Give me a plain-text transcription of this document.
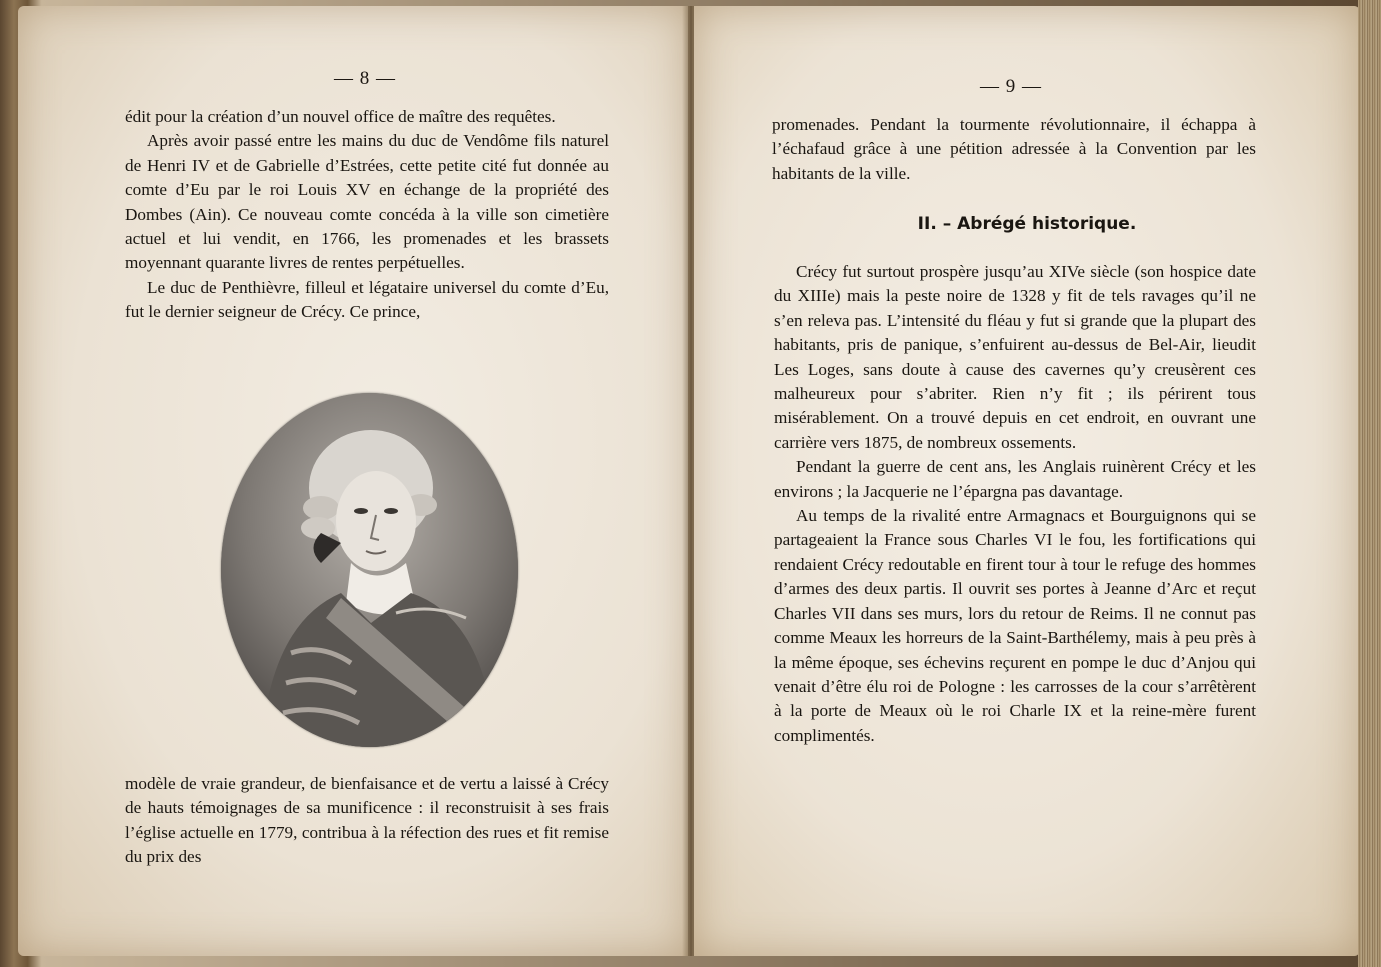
— 8 —

édit pour la création d’un nouvel office de maître des requêtes.

Après avoir passé entre les mains du duc de Vendôme fils naturel de Henri IV et de Gabrielle d’Estrées, cette petite cité fut donnée au comte d’Eu par le roi Louis XV en échange de la propriété des Dombes (Ain). Ce nouveau comte concéda à la ville son cimetière actuel et lui vendit, en 1766, les promenades et les brassets moyennant quarante livres de rentes perpétuelles.

Le duc de Penthièvre, filleul et légataire universel du comte d’Eu, fut le dernier seigneur de Crécy. Ce prince,

modèle de vraie grandeur, de bienfaisance et de vertu a laissé à Crécy de hauts témoignages de sa munificence : il reconstruisit à ses frais l’église actuelle en 1779, contribua à la réfection des rues et fit remise du prix des

— 9 —

promenades. Pendant la tourmente révolutionnaire, il échappa à l’échafaud grâce à une pétition adressée à la Convention par les habitants de la ville.

II. – Abrégé historique.

Crécy fut surtout prospère jusqu’au XIVe siècle (son hospice date du XIIIe) mais la peste noire de 1328 y fit de tels ravages qu’il ne s’en releva pas. L’intensité du fléau y fut si grande que la plupart des habitants, pris de panique, s’enfuirent au-dessus de Bel-Air, lieudit Les Loges, sans doute à cause des cavernes qu’y creusèrent ces malheureux pour s’abriter. Rien n’y fit ; ils périrent tous misérablement. On a trouvé depuis en cet endroit, en ouvrant une carrière vers 1875, de nombreux ossements.

Pendant la guerre de cent ans, les Anglais ruinèrent Crécy et les environs ; la Jacquerie ne l’épargna pas davantage.

Au temps de la rivalité entre Armagnacs et Bourguignons qui se partageaient la France sous Charles VI le fou, les fortifications qui rendaient Crécy redoutable en firent tour à tour le refuge des hommes d’armes des deux partis. Il ouvrit ses portes à Jeanne d’Arc et reçut Charles VII dans ses murs, lors du retour de Reims. Il ne connut pas comme Meaux les horreurs de la Saint-Barthélemy, mais à peu près à la même époque, ses échevins reçurent en pompe le duc d’Anjou qui venait d’être élu roi de Pologne : les carrosses de la cour s’arrêtèrent à la porte de Meaux où le roi Charle IX et la reine-mère furent complimentés.
